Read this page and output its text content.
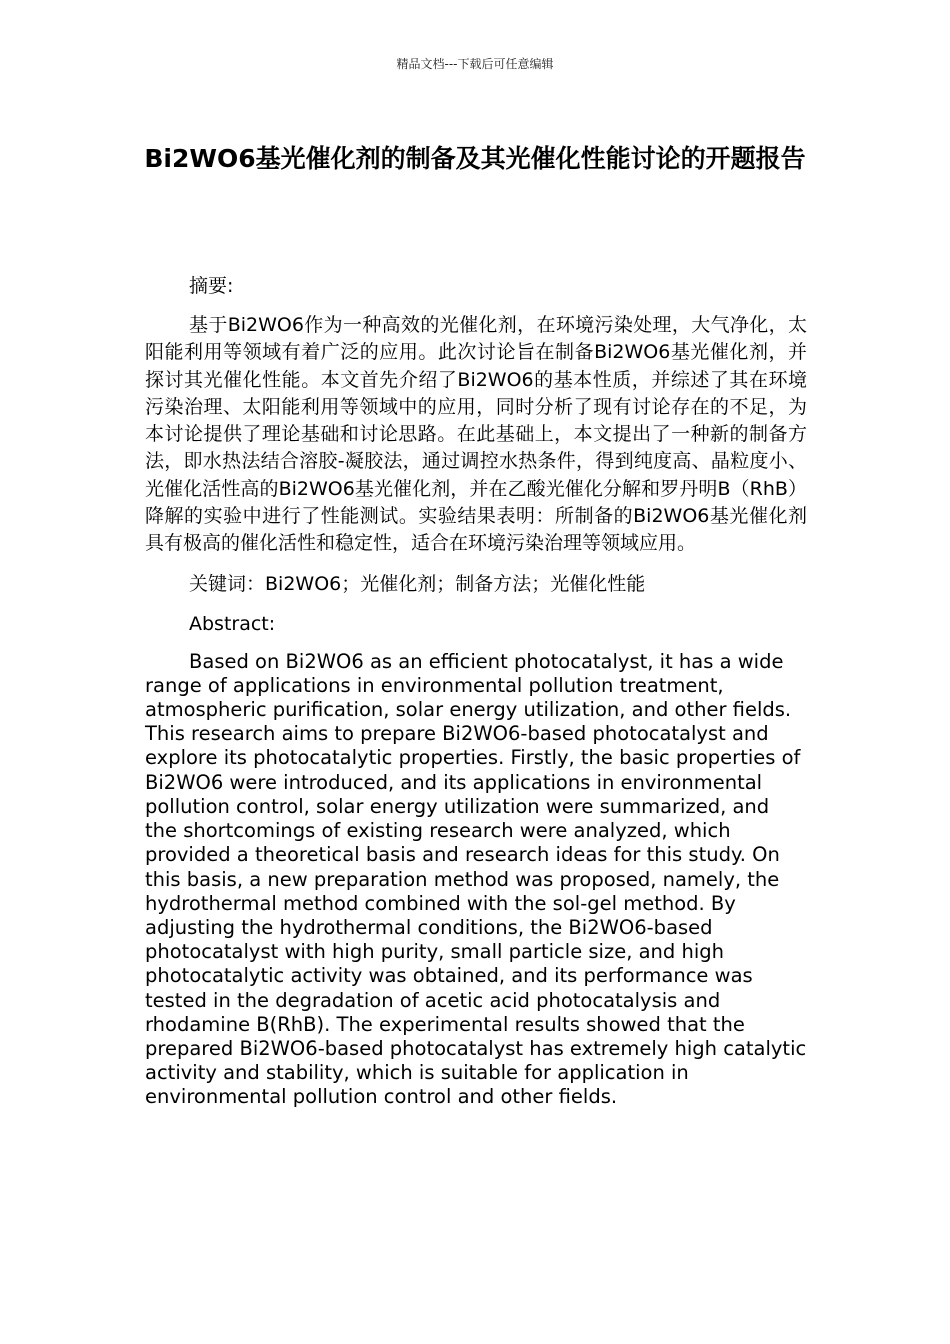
精品文档---下载后可任意编辑
Bi2WO6基光催化剂的制备及其光催化性能讨论的开题报告

摘要:

基于Bi2WO6作为一种高效的光催化剂，在环境污染处理，大气净化，太阳能利用等领域有着广泛的应用。此次讨论旨在制备Bi2WO6基光催化剂，并探讨其光催化性能。本文首先介绍了Bi2WO6的基本性质，并综述了其在环境污染治理、太阳能利用等领域中的应用，同时分析了现有讨论存在的不足，为本讨论提供了理论基础和讨论思路。在此基础上，本文提出了一种新的制备方法，即水热法结合溶胶-凝胶法，通过调控水热条件，得到纯度高、晶粒度小、光催化活性高的Bi2WO6基光催化剂，并在乙酸光催化分解和罗丹明B（RhB）降解的实验中进行了性能测试。实验结果表明：所制备的Bi2WO6基光催化剂具有极高的催化活性和稳定性，适合在环境污染治理等领域应用。

关键词：Bi2WO6；光催化剂；制备方法；光催化性能

Abstract:

Based on Bi2WO6 as an efficient photocatalyst, it has a wide range of applications in environmental pollution treatment, atmospheric purification, solar energy utilization, and other fields. This research aims to prepare Bi2WO6-based photocatalyst and explore its photocatalytic properties. Firstly, the basic properties of Bi2WO6 were introduced, and its applications in environmental pollution control, solar energy utilization were summarized, and the shortcomings of existing research were analyzed, which provided a theoretical basis and research ideas for this study. On this basis, a new preparation method was proposed, namely, the hydrothermal method combined with the sol-gel method. By adjusting the hydrothermal conditions, the Bi2WO6-based photocatalyst with high purity, small particle size, and high photocatalytic activity was obtained, and its performance was tested in the degradation of acetic acid photocatalysis and rhodamine B(RhB). The experimental results showed that the prepared Bi2WO6-based photocatalyst has extremely high catalytic activity and stability, which is suitable for application in environmental pollution control and other fields.
